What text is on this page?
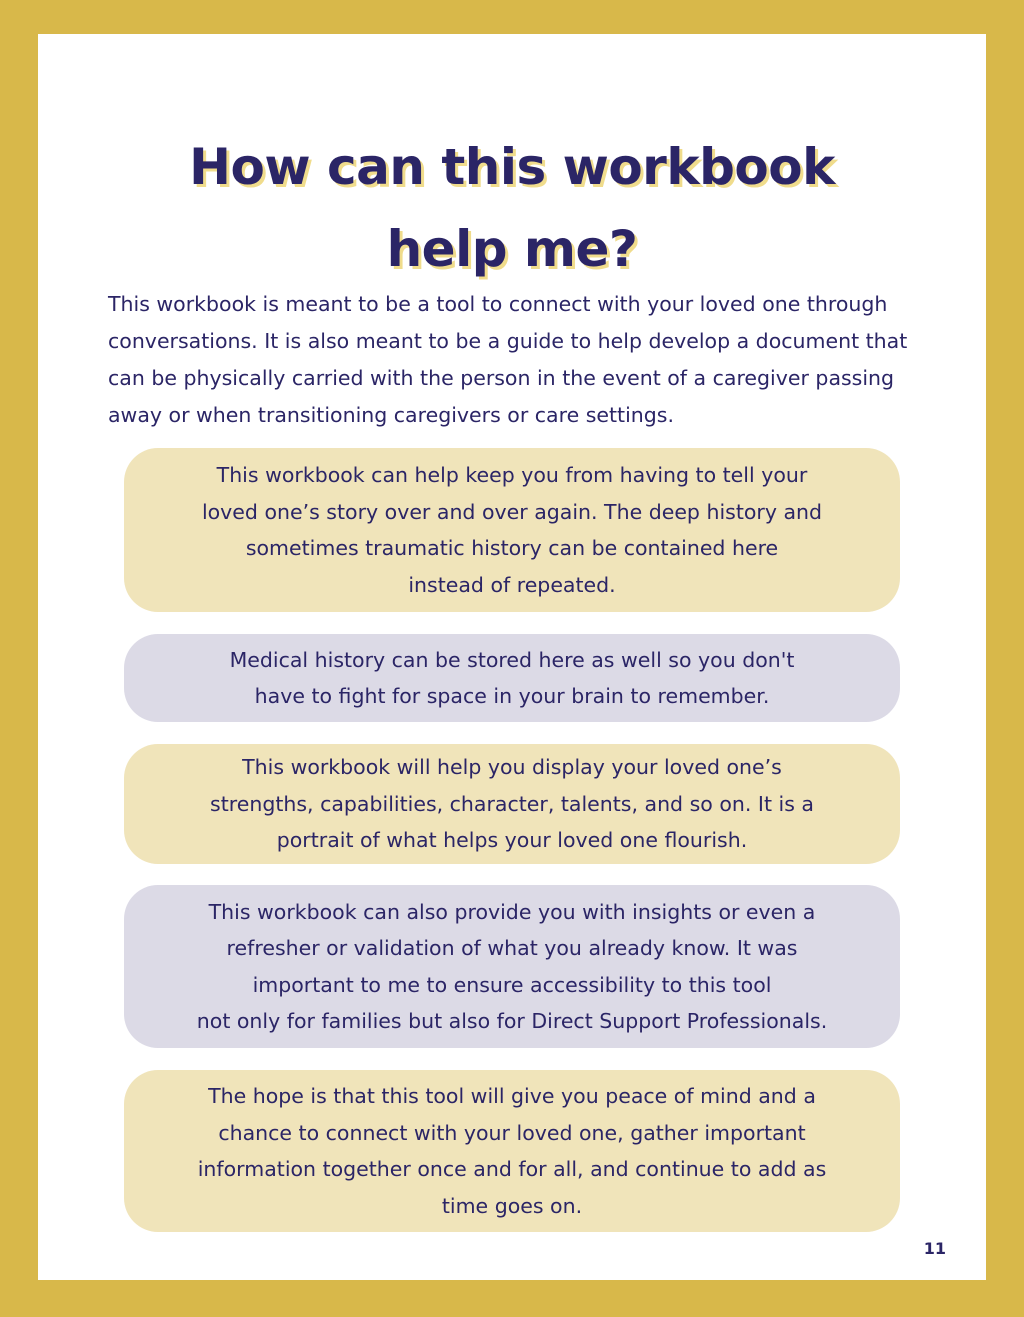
How can this workbook
help me?

This workbook is meant to be a tool to connect with your loved one through conversations. It is also meant to be a guide to help develop a document that can be physically carried with the person in the event of a caregiver passing away or when transitioning caregivers or care settings.

This workbook can help keep you from having to tell your
loved one’s story over and over again. The deep history and
sometimes traumatic history can be contained here
instead of repeated.

Medical history can be stored here as well so you don't
have to fight for space in your brain to remember.

This workbook will help you display your loved one’s
strengths, capabilities, character, talents, and so on. It is a
portrait of what helps your loved one flourish.

This workbook can also provide you with insights or even a
refresher or validation of what you already know. It was
important to me to ensure accessibility to this tool
not only for families but also for Direct Support Professionals.

The hope is that this tool will give you peace of mind and a
chance to connect with your loved one, gather important
information together once and for all, and continue to add as
time goes on.

11
